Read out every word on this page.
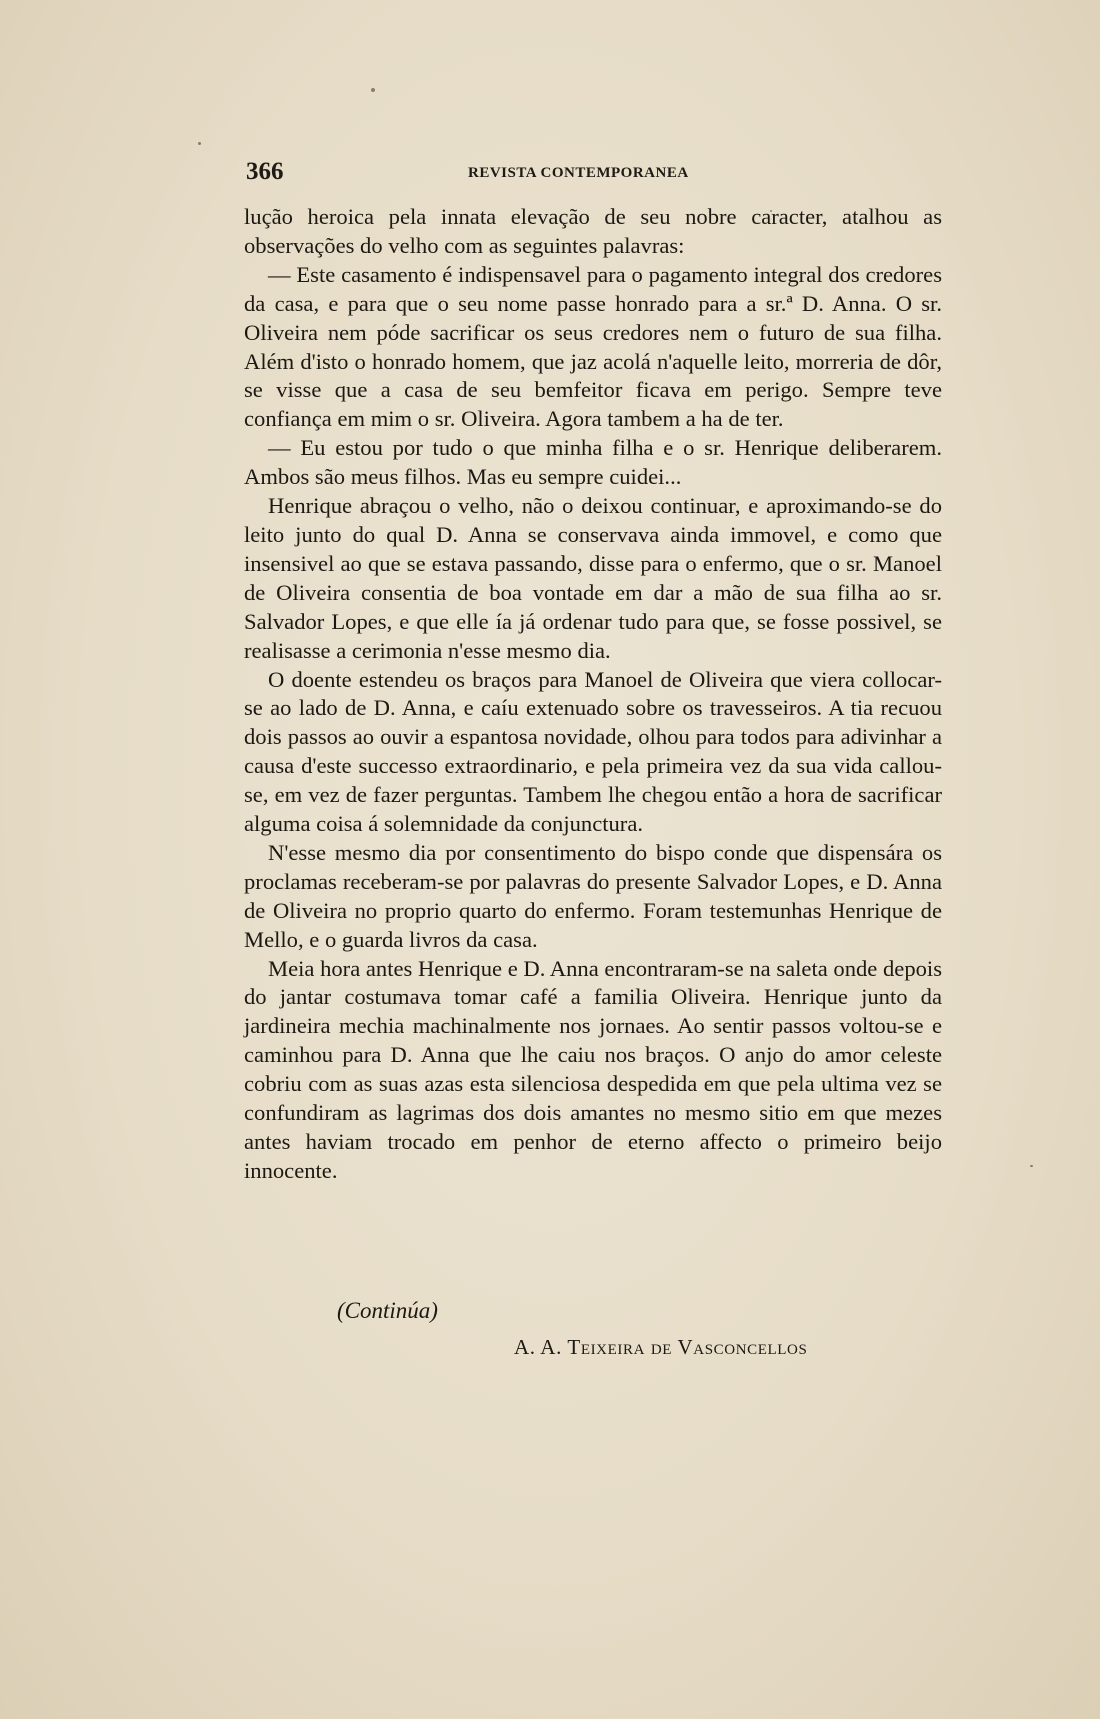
366	REVISTA CONTEMPORANEA

lução heroica pela innata elevação de seu nobre caracter, atalhou as observações do velho com as seguintes palavras:

— Este casamento é indispensavel para o pagamento integral dos credores da casa, e para que o seu nome passe honrado para a sr.ª D. Anna. O sr. Oliveira nem póde sacrificar os seus credores nem o futuro de sua filha. Além d'isto o honrado homem, que jaz acolá n'aquelle leito, morreria de dôr, se visse que a casa de seu bemfeitor ficava em perigo. Sempre teve confiança em mim o sr. Oliveira. Agora tambem a ha de ter.

— Eu estou por tudo o que minha filha e o sr. Henrique deliberarem. Ambos são meus filhos. Mas eu sempre cuidei...

Henrique abraçou o velho, não o deixou continuar, e aproximando-se do leito junto do qual D. Anna se conservava ainda immovel, e como que insensivel ao que se estava passando, disse para o enfermo, que o sr. Manoel de Oliveira consentia de boa vontade em dar a mão de sua filha ao sr. Salvador Lopes, e que elle ía já ordenar tudo para que, se fosse possivel, se realisasse a cerimonia n'esse mesmo dia.

O doente estendeu os braços para Manoel de Oliveira que viera collocar-se ao lado de D. Anna, e caíu extenuado sobre os travesseiros. A tia recuou dois passos ao ouvir a espantosa novidade, olhou para todos para adivinhar a causa d'este successo extraordinario, e pela primeira vez da sua vida callou-se, em vez de fazer perguntas. Tambem lhe chegou então a hora de sacrificar alguma coisa á solemnidade da conjunctura.

N'esse mesmo dia por consentimento do bispo conde que dispensára os proclamas receberam-se por palavras do presente Salvador Lopes, e D. Anna de Oliveira no proprio quarto do enfermo. Foram testemunhas Henrique de Mello, e o guarda livros da casa.

Meia hora antes Henrique e D. Anna encontraram-se na saleta onde depois do jantar costumava tomar café a familia Oliveira. Henrique junto da jardineira mechia machinalmente nos jornaes. Ao sentir passos voltou-se e caminhou para D. Anna que lhe caiu nos braços. O anjo do amor celeste cobriu com as suas azas esta silenciosa despedida em que pela ultima vez se confundiram as lagrimas dos dois amantes no mesmo sitio em que mezes antes haviam trocado em penhor de eterno affecto o primeiro beijo innocente.

(Continúa)
A. A. Teixeira de Vasconcellos
